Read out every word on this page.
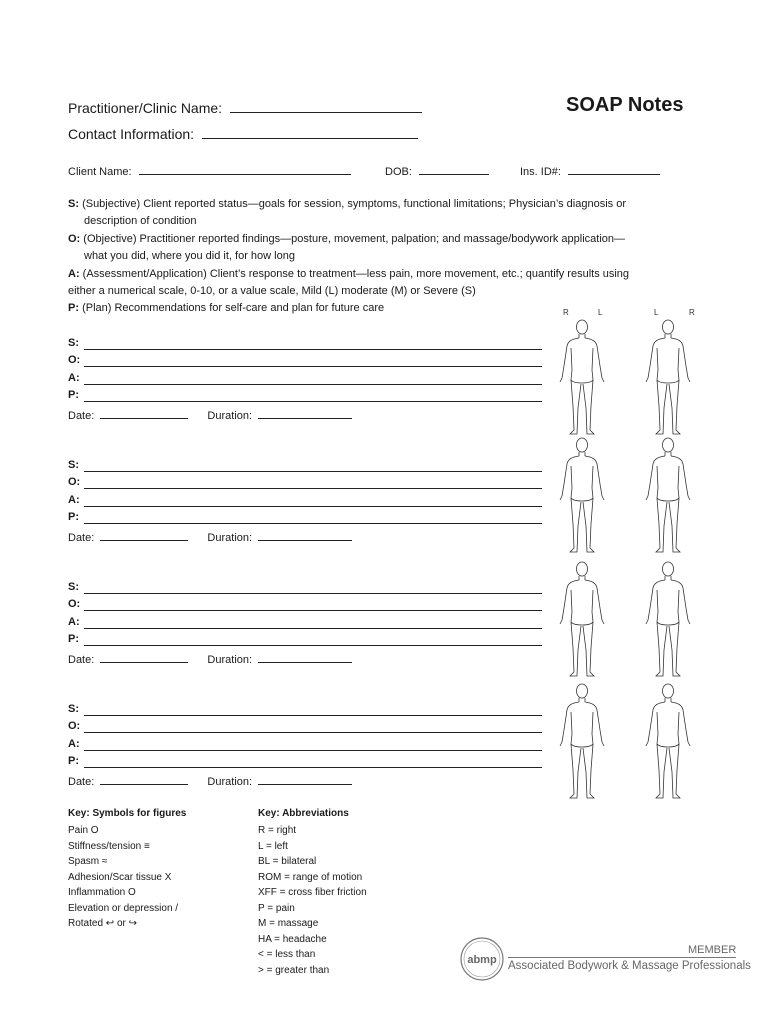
Practitioner/Clinic Name:	SOAP Notes
Contact Information:
Client Name:	DOB:	Ins. ID#:
S: (Subjective) Client reported status—goals for session, symptoms, functional limitations; Physician’s diagnosis or
description of condition
O: (Objective) Practitioner reported findings—posture, movement, palpation; and massage/bodywork application—
what you did, where you did it, for how long
A: (Assessment/Application) Client’s response to treatment—less pain, more movement, etc.; quantify results using
either a numerical scale, 0-10, or a value scale, Mild (L) moderate (M) or Severe (S)
P: (Plan) Recommendations for self-care and plan for future care	R	L	L	R
S:
O:
A:
P:
Date:	Duration:
S:
O:
A:
P:
Date:	Duration:
S:
O:
A:
P:
Date:	Duration:
S:
O:
A:
P:
Date:	Duration:
Key: Symbols for figures
Pain O
Stiffness/tension ≡
Spasm ≈
Adhesion/Scar tissue X
Inflammation O
Elevation or depression /
Rotated ↩ or ↪
Key: Abbreviations
R = right
L = left
BL = bilateral
ROM = range of motion
XFF = cross fiber friction
P = pain
M = massage
HA = headache
< = less than
> = greater than
abmp
MEMBER
Associated Bodywork & Massage Professionals
